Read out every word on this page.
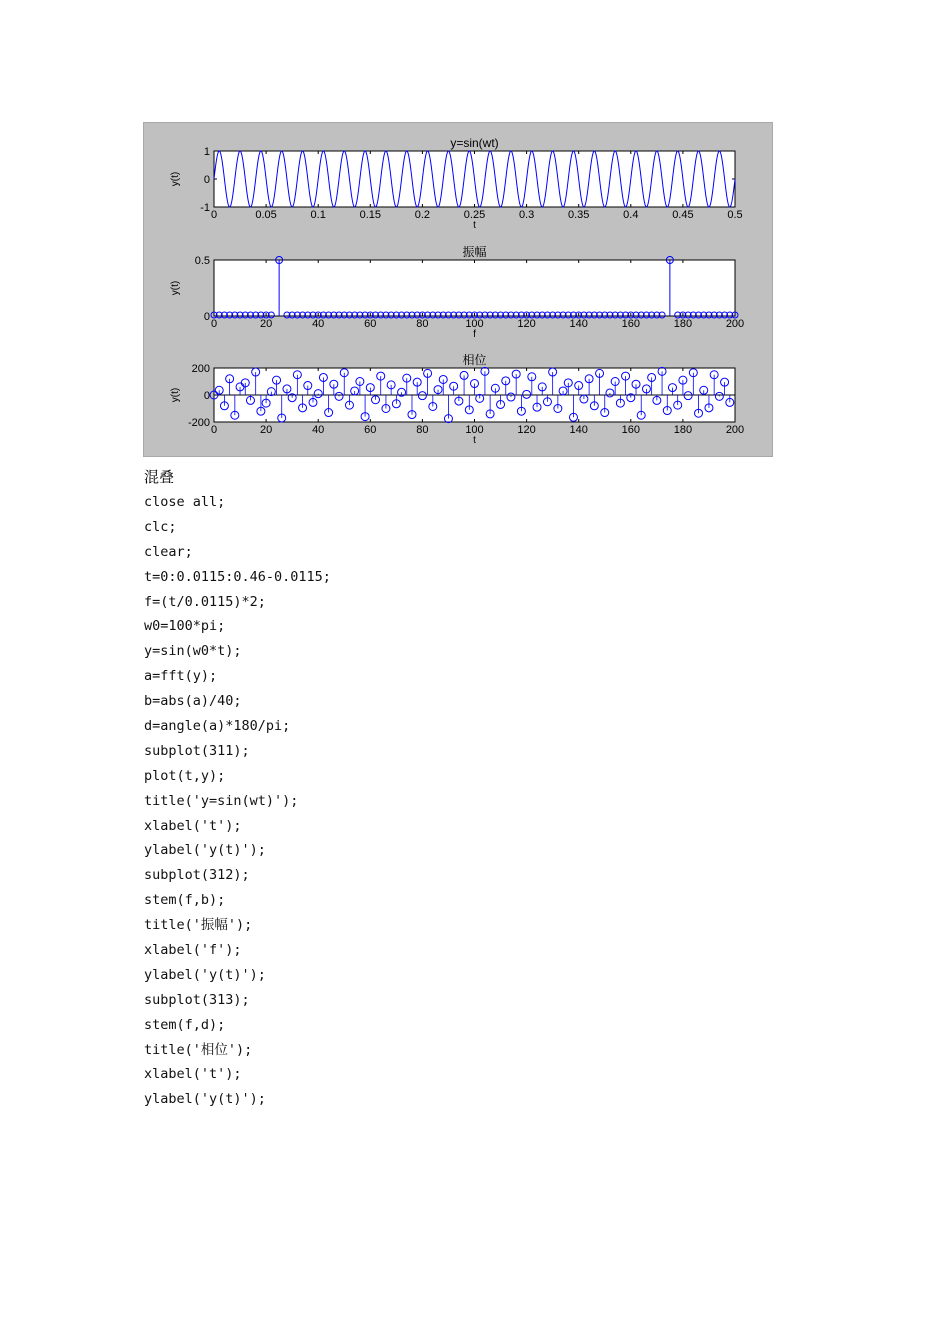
y=sin(wt)
0	0.05	0.1	0.15	0.2	0.25	0.3	0.35	0.4	0.45	0.5
t
-1
0
1
y(t)
振幅
0	20	40	60	80	100	120	140	160	180	200
f
0
0.5
y(t)
相位
0	20	40	60	80	100	120	140	160	180	200
t
-200
0
200
y(t)
混叠
close all;
clc;
clear;
t=0:0.0115:0.46-0.0115;
f=(t/0.0115)*2;
w0=100*pi;
y=sin(w0*t);
a=fft(y);
b=abs(a)/40;
d=angle(a)*180/pi;
subplot(311);
plot(t,y);
title('y=sin(wt)');
xlabel('t');
ylabel('y(t)');
subplot(312);
stem(f,b);
title('振幅');
xlabel('f');
ylabel('y(t)');
subplot(313);
stem(f,d);
title('相位');
xlabel('t');
ylabel('y(t)');
